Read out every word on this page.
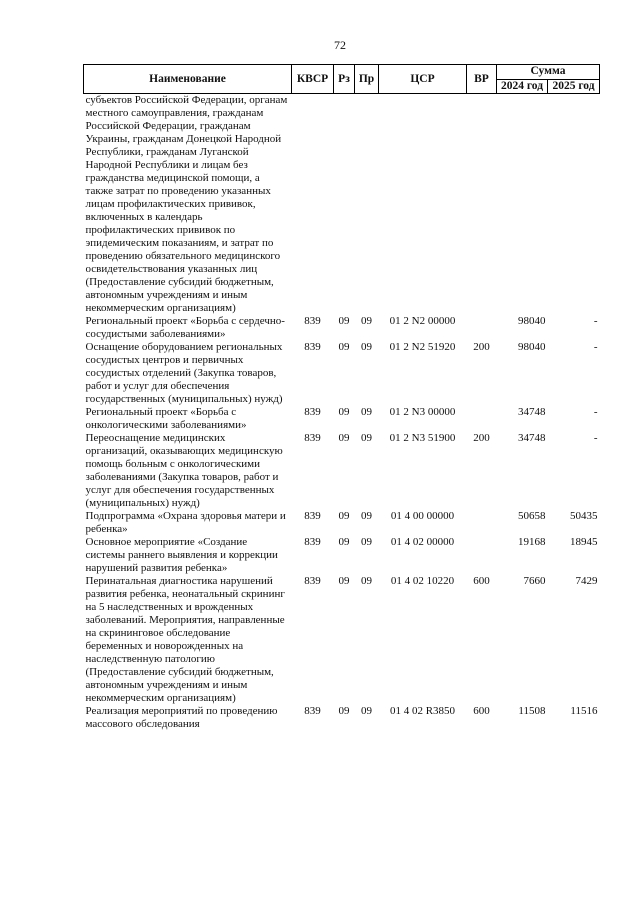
72
Наименование	КВСР	Рз	Пр	ЦСР	ВР	Сумма	
						2024 год	2025 год
субъектов Российской Федерации, органам местного самоуправления, гражданам Российской Федерации, гражданам Украины, гражданам Донецкой Народной Республики, гражданам Луганской Народной Республики и лицам без гражданства медицинской помощи, а также затрат по проведению указанных лицам профилактических прививок, включенных в календарь профилактических прививок по эпидемическим показаниям, и затрат по проведению обязательного медицинского освидетельствования указанных лиц (Предоставление субсидий бюджетным, автономным учреждениям и иным некоммерческим организациям)							
Региональный проект «Борьба с сердечно-сосудистыми заболеваниями»	839	09	09	01 2 N2 00000		98040	-
Оснащение оборудованием региональных сосудистых центров и первичных сосудистых отделений (Закупка товаров, работ и услуг для обеспечения государственных (муниципальных) нужд)	839	09	09	01 2 N2 51920	200	98040	-
Региональный проект «Борьба с онкологическими заболеваниями»	839	09	09	01 2 N3 00000		34748	-
Переоснащение медицинских организаций, оказывающих медицинскую помощь больным с онкологическими заболеваниями (Закупка товаров, работ и услуг для обеспечения государственных (муниципальных) нужд)	839	09	09	01 2 N3 51900	200	34748	-
Подпрограмма «Охрана здоровья матери и ребенка»	839	09	09	01 4 00 00000		50658	50435
Основное мероприятие «Создание системы раннего выявления и коррекции нарушений развития ребенка»	839	09	09	01 4 02 00000		19168	18945
Перинатальная диагностика нарушений развития ребенка, неонатальный скрининг на 5 наследственных и врожденных заболеваний. Мероприятия, направленные на скрининговое обследование беременных и новорожденных на наследственную патологию (Предоставление субсидий бюджетным, автономным учреждениям и иным некоммерческим организациям)	839	09	09	01 4 02 10220	600	7660	7429
Реализация мероприятий по проведению массового обследования	839	09	09	01 4 02 R3850	600	11508	11516
